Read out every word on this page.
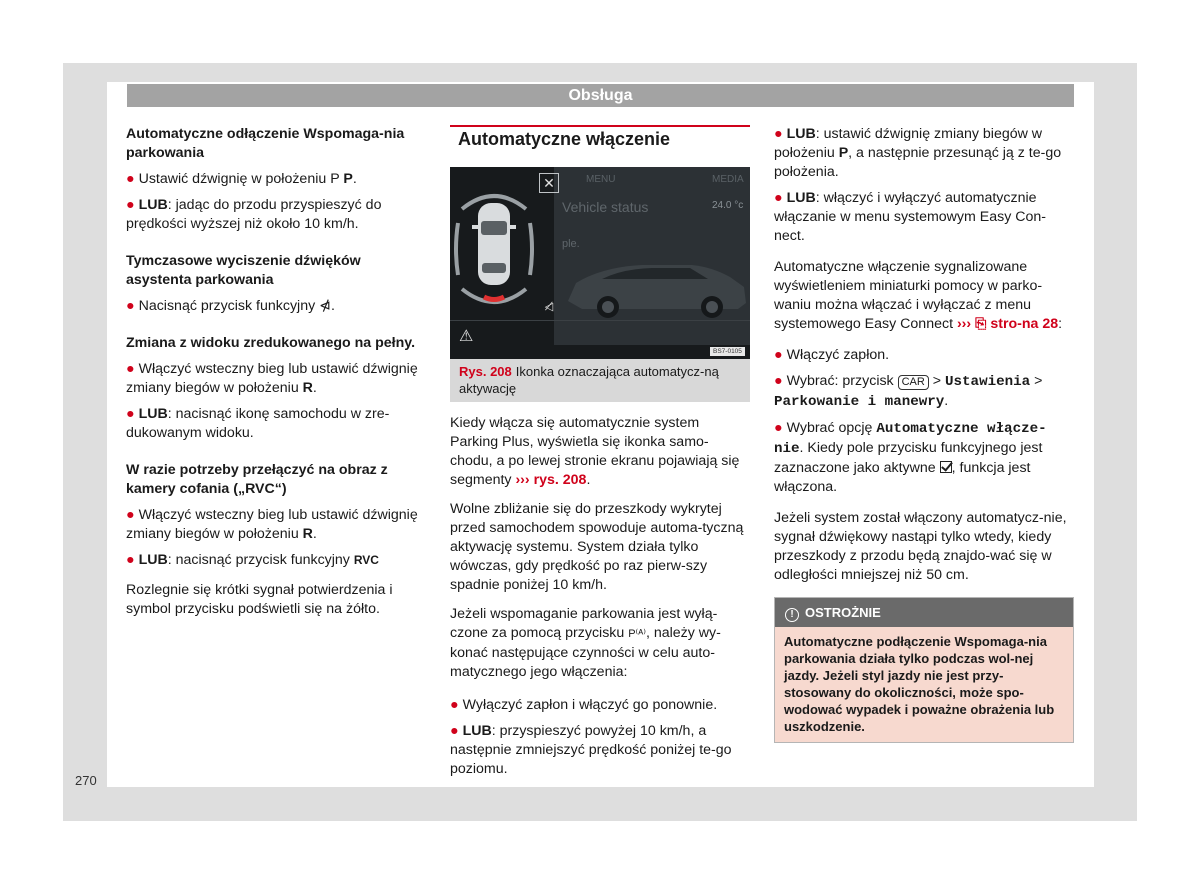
Obsługa
Automatyczne odłączenie Wspomaga-nia parkowania
● Ustawić dźwignię w położeniu P P.
● LUB: jadąc do przodu przyspieszyć do prędkości wyższej niż około 10 km/h.
Tymczasowe wyciszenie dźwięków asystenta parkowania
● Nacisnąć przycisk funkcyjny ⋪.
Zmiana z widoku zredukowanego na pełny.
● Włączyć wsteczny bieg lub ustawić dźwignię zmiany biegów w położeniu R.
● LUB: nacisnąć ikonę samochodu w zre-dukowanym widoku.
W razie potrzeby przełączyć na obraz z kamery cofania („RVC“)
● Włączyć wsteczny bieg lub ustawić dźwignię zmiany biegów w położeniu R.
● LUB: nacisnąć przycisk funkcyjny RVC
Rozlegnie się krótki sygnał potwierdzenia i symbol przycisku podświetli się na żółto.
Automatyczne włączenie
MENU	MEDIA
24.0 °c
Vehicle status
ple.
✕
◁̸
⚠
BS7-0105
Rys. 208 Ikonka oznaczająca automatycz-ną aktywację
Kiedy włącza się automatycznie system Parking Plus, wyświetla się ikonka samo-chodu, a po lewej stronie ekranu pojawiają się segmenty ››› rys. 208.
Wolne zbliżanie się do przeszkody wykrytej przed samochodem spowoduje automa-tyczną aktywację systemu. System działa tylko wówczas, gdy prędkość po raz pierw-szy spadnie poniżej 10 km/h.
Jeżeli wspomaganie parkowania jest wyłą-czone za pomocą przycisku P⁽ᴬ⁾, należy wy-konać następujące czynności w celu auto-matycznego jego włączenia:
● Wyłączyć zapłon i włączyć go ponownie.
● LUB: przyspieszyć powyżej 10 km/h, a następnie zmniejszyć prędkość poniżej te-go poziomu.
● LUB: ustawić dźwignię zmiany biegów w położeniu P, a następnie przesunąć ją z te-go położenia.
● LUB: włączyć i wyłączyć automatycznie włączanie w menu systemowym Easy Con-nect.
Automatyczne włączenie sygnalizowane wyświetleniem miniaturki pomocy w parko-waniu można włączać i wyłączać z menu systemowego Easy Connect ››› ⎘ stro-na 28:
● Włączyć zapłon.
● Wybrać: przycisk CAR > Ustawienia > Parkowanie i manewry.
● Wybrać opcję Automatyczne włącze-nie. Kiedy pole przycisku funkcyjnego jest zaznaczone jako aktywne , funkcja jest włączona.
Jeżeli system został włączony automatycz-nie, sygnał dźwiękowy nastąpi tylko wtedy, kiedy przeszkody z przodu będą znajdo-wać się w odległości mniejszej niż 50 cm.
! OSTROŻNIE
Automatyczne podłączenie Wspomaga-nia parkowania działa tylko podczas wol-nej jazdy. Jeżeli styl jazdy nie jest przy-stosowany do okoliczności, może spo-wodować wypadek i poważne obrażenia lub uszkodzenie.
270
